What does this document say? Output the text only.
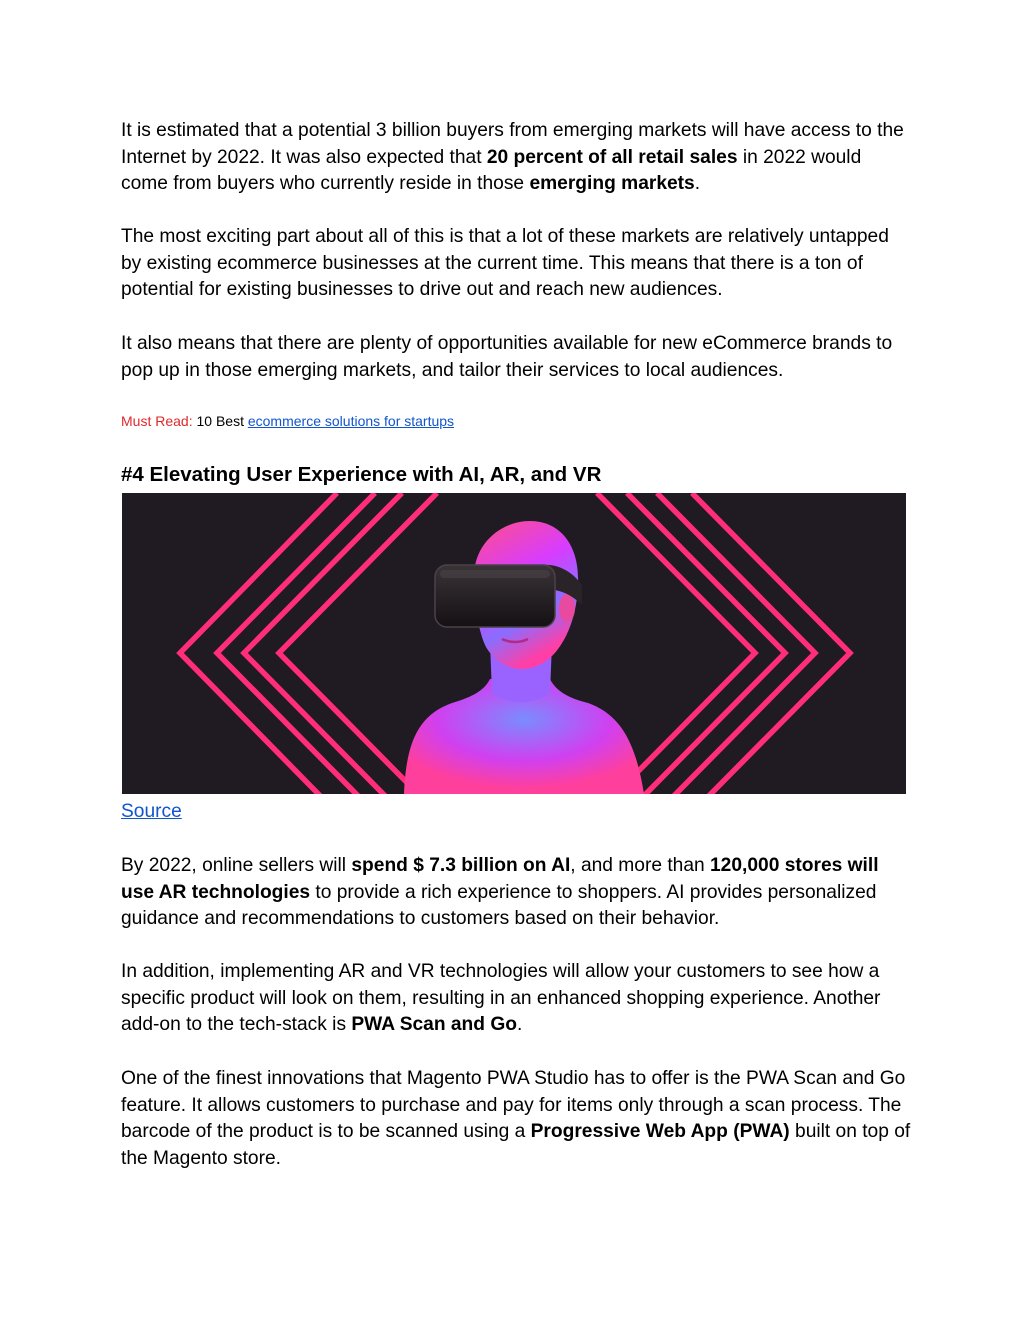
It is estimated that a potential 3 billion buyers from emerging markets will have access to the Internet by 2022. It was also expected that 20 percent of all retail sales in 2022 would come from buyers who currently reside in those emerging markets.

The most exciting part about all of this is that a lot of these markets are relatively untapped by existing ecommerce businesses at the current time. This means that there is a ton of potential for existing businesses to drive out and reach new audiences.

It also means that there are plenty of opportunities available for new eCommerce brands to pop up in those emerging markets, and tailor their services to local audiences.

Must Read: 10 Best ecommerce solutions for startups
#4 Elevating User Experience with AI, AR, and VR
Source

By 2022, online sellers will spend $ 7.3 billion on AI, and more than 120,000 stores will use AR technologies to provide a rich experience to shoppers. AI provides personalized guidance and recommendations to customers based on their behavior.

In addition, implementing AR and VR technologies will allow your customers to see how a specific product will look on them, resulting in an enhanced shopping experience. Another add-on to the tech-stack is PWA Scan and Go.

One of the finest innovations that Magento PWA Studio has to offer is the PWA Scan and Go feature. It allows customers to purchase and pay for items only through a scan process. The barcode of the product is to be scanned using a Progressive Web App (PWA) built on top of the Magento store.
